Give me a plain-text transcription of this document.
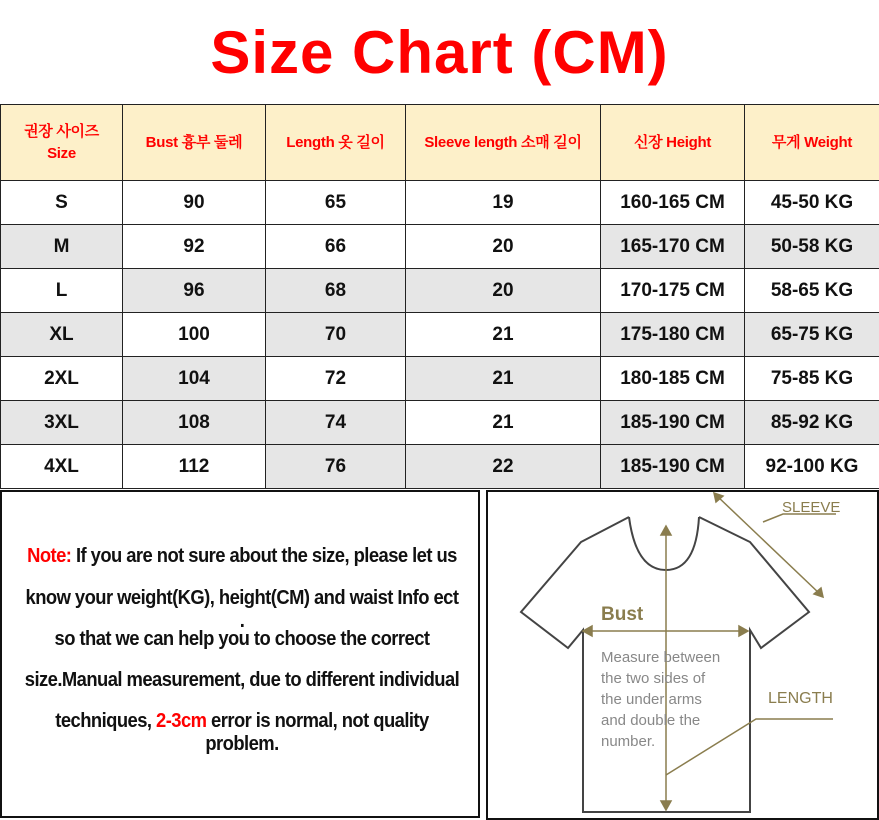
Size Chart (CM)
권장 사이즈
Size	Bust 흉부 둘레	Length 옷 길이	Sleeve length 소매 길이	신장 Height	무게 Weight
S	90	65	19	160-165 CM	45-50 KG
M	92	66	20	165-170 CM	50-58 KG
L	96	68	20	170-175 CM	58-65 KG
XL	100	70	21	175-180 CM	65-75 KG
2XL	104	72	21	180-185 CM	75-85 KG
3XL	108	74	21	185-190 CM	85-92 KG
4XL	112	76	22	185-190 CM	92-100 KG
Note: If you are not sure about the size, please let us
know your weight(KG), height(CM) and waist Info ect .
so that we can help you to choose the correct
size.Manual measurement, due to different individual
techniques, 2-3cm error is normal, not quality problem.
SLEEVE
LENGTH
Bust
Measure between
the two sides of
the under arms
and double the
number.
